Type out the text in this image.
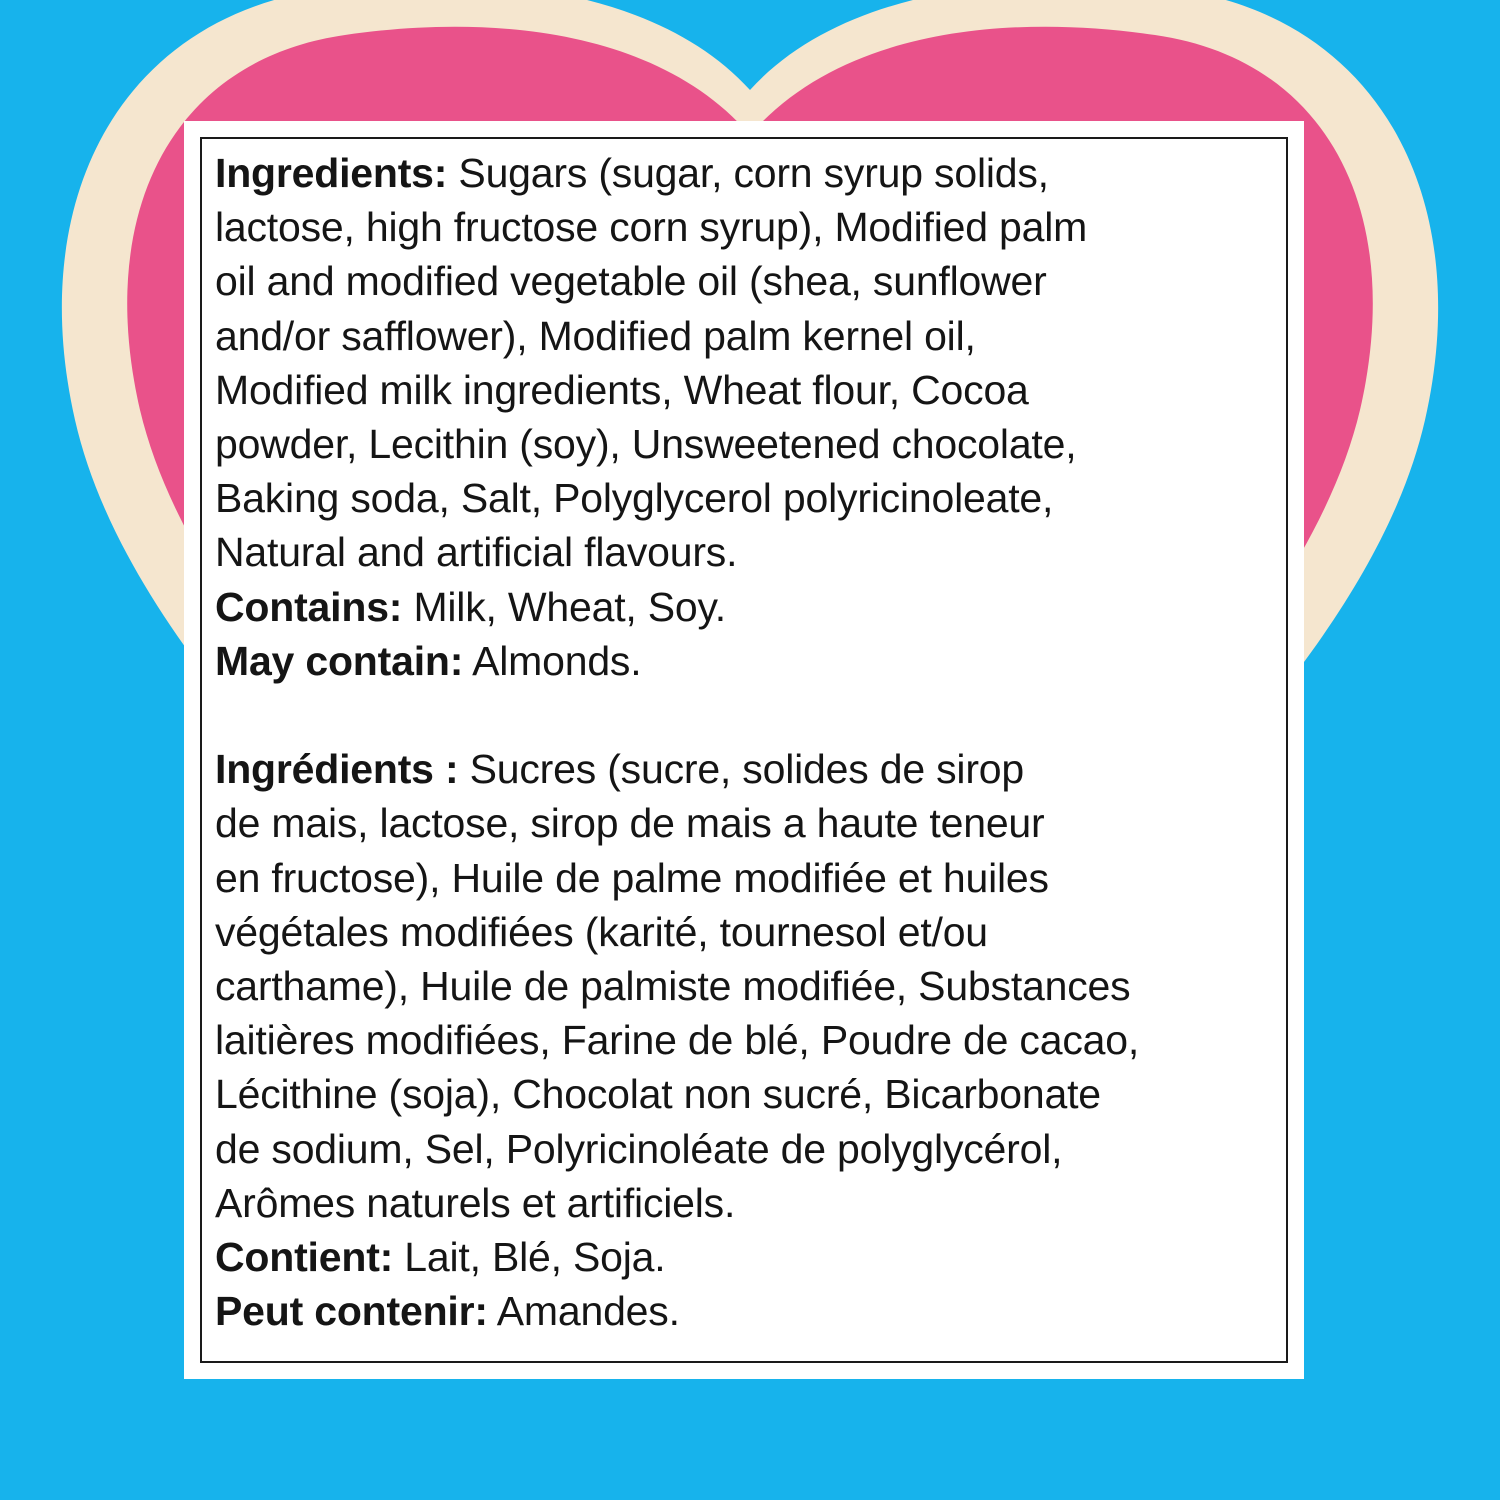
Ingredients: Sugars (sugar, corn syrup solids,
lactose, high fructose corn syrup), Modified palm
oil and modified vegetable oil (shea, sunflower
and/or safflower), Modified palm kernel oil,
Modified milk ingredients, Wheat flour, Cocoa
powder, Lecithin (soy), Unsweetened chocolate,
Baking soda, Salt, Polyglycerol polyricinoleate,
Natural and artificial flavours.
Contains: Milk, Wheat, Soy.
May contain: Almonds.
Ingrédients : Sucres (sucre, solides de sirop
de mais, lactose, sirop de mais a haute teneur
en fructose), Huile de palme modifiée et huiles
végétales modifiées (karité, tournesol et/ou
carthame), Huile de palmiste modifiée, Substances
laitières modifiées, Farine de blé, Poudre de cacao,
Lécithine (soja), Chocolat non sucré, Bicarbonate
de sodium, Sel, Polyricinoléate de polyglycérol,
Arômes naturels et artificiels.
Contient: Lait, Blé, Soja.
Peut contenir: Amandes.
